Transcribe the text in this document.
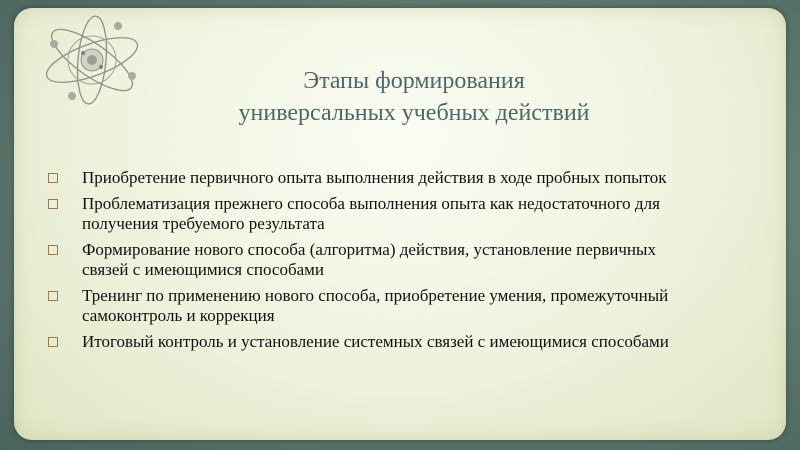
Этапы формирования
универсальных учебных действий
Приобретение первичного опыта выполнения действия в ходе пробных попыток
Проблематизация прежнего способа выполнения опыта как недостаточного для
получения требуемого результата
Формирование нового способа (алгоритма) действия, установление первичных
связей с имеющимися способами
Тренинг по применению нового способа, приобретение умения, промежуточный
самоконтроль и коррекция
Итоговый контроль и установление системных связей с имеющимися способами
